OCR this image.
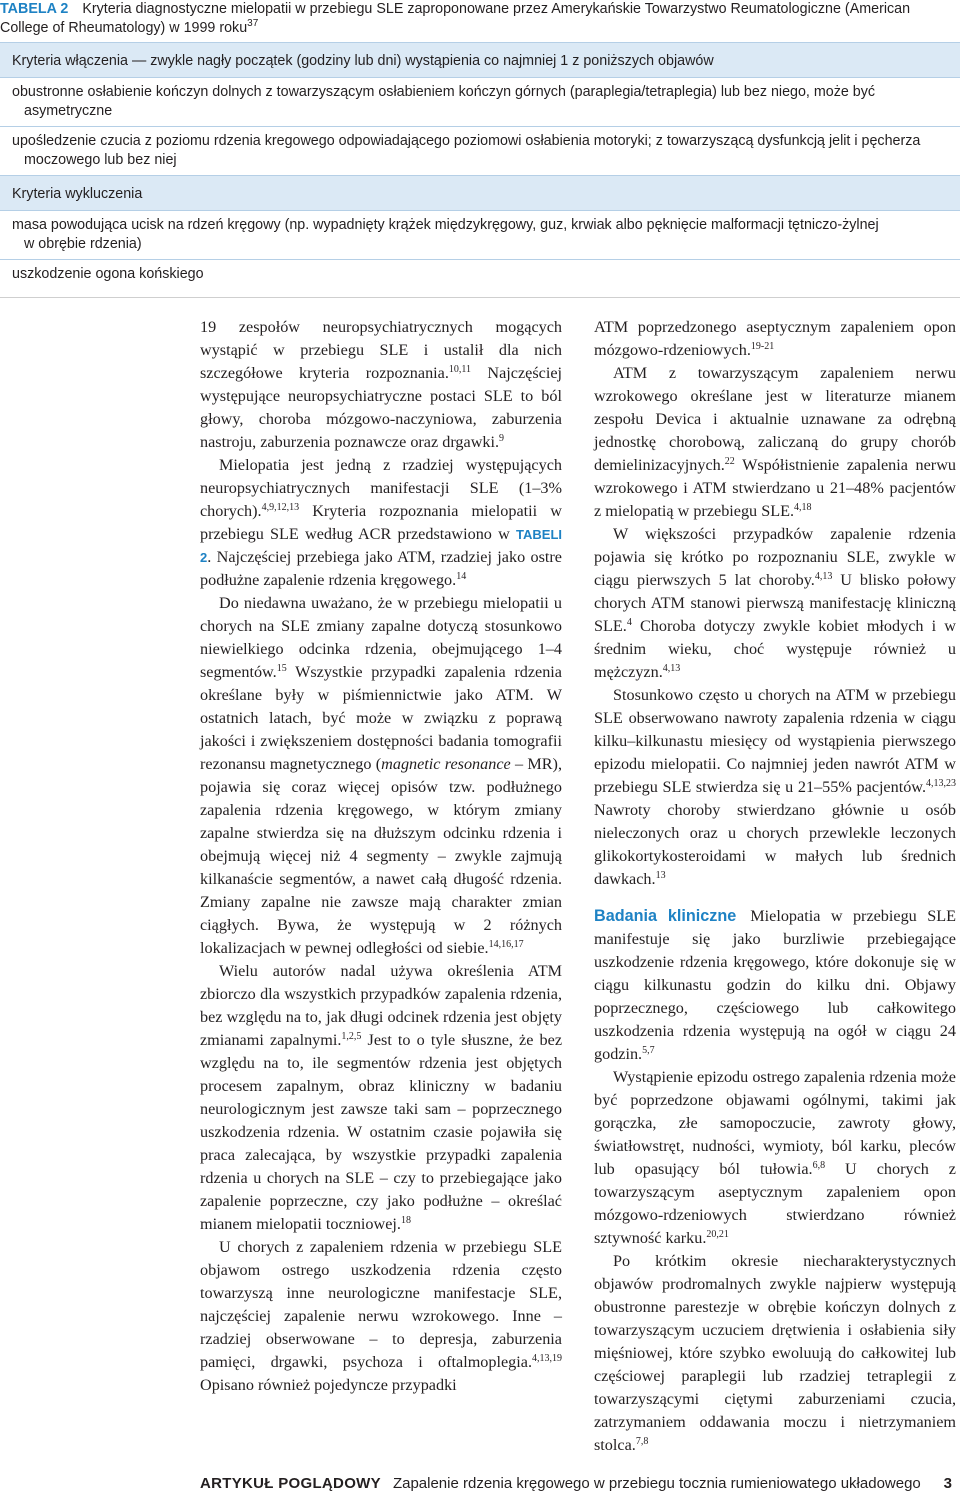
TABELA 2 Kryteria diagnostyczne mielopatii w przebiegu SLE zaproponowane przez Amerykańskie Towarzystwo Reumatologiczne (American College of Rheumatology) w 1999 roku$^{37}$
Kryteria włączenia — zwykle nagły początek (godziny lub dni) wystąpienia co najmniej 1 z poniższych objawów
obustronne osłabienie kończyn dolnych z towarzyszącym osłabieniem kończyn górnych (paraplegia/tetraplegia) lub bez niego, może być
asymetryczne
upośledzenie czucia z poziomu rdzenia kregowego odpowiadającego poziomowi osłabienia motoryki; z towarzyszącą dysfunkcją jelit i pęcherza
moczowego lub bez niej
Kryteria wykluczenia
masa powodująca ucisk na rdzeń kręgowy (np. wypadnięty krążek międzykręgowy, guz, krwiak albo pęknięcie malformacji tętniczo-żylnej
w obrębie rdzenia)
uszkodzenie ogona końskiego

19 zespołów neuropsychiatrycznych mogących wystąpić w przebiegu SLE i ustalił dla nich szczegółowe kryteria rozpoznania.$^{10,11}$ Najczęściej występujące neuropsychiatryczne postaci SLE to ból głowy, choroba mózgowo-naczyniowa, zaburzenia nastroju, zaburzenia poznawcze oraz drgawki.$^9$

Mielopatia jest jedną z rzadziej występujących neuropsychiatrycznych manifestacji SLE (1–3% chorych).$^{4,9,12,13}$ Kryteria rozpoznania mielopatii w przebiegu SLE według ACR przedstawiono w TABELI 2. Najczęściej przebiega jako ATM, rzadziej jako ostre podłużne zapalenie rdzenia kręgowego.$^{14}$

Do niedawna uważano, że w przebiegu mielopatii u chorych na SLE zmiany zapalne dotyczą stosunkowo niewielkiego odcinka rdzenia, obejmującego 1–4 segmentów.$^{15}$ Wszystkie przypadki zapalenia rdzenia określane były w piśmiennictwie jako ATM. W ostatnich latach, być może w związku z poprawą jakości i zwiększeniem dostępności badania tomografii rezonansu magnetycznego (magnetic resonance – MR), pojawia się coraz więcej opisów tzw. podłużnego zapalenia rdzenia kręgowego, w którym zmiany zapalne stwierdza się na dłuższym odcinku rdzenia i obejmują więcej niż 4 segmenty – zwykle zajmują kilkanaście segmentów, a nawet całą długość rdzenia. Zmiany zapalne nie zawsze mają charakter zmian ciągłych. Bywa, że występują w 2 różnych lokalizacjach w pewnej odległości od siebie.$^{14,16,17}$

Wielu autorów nadal używa określenia ATM zbiorczo dla wszystkich przypadków zapalenia rdzenia, bez względu na to, jak długi odcinek rdzenia jest objęty zmianami zapalnymi.$^{1,2,5}$ Jest to o tyle słuszne, że bez względu na to, ile segmentów rdzenia jest objętych procesem zapalnym, obraz kliniczny w badaniu neurologicznym jest zawsze taki sam – poprzecznego uszkodzenia rdzenia. W ostatnim czasie pojawiła się praca zalecająca, by wszystkie przypadki zapalenia rdzenia u chorych na SLE – czy to przebiegające jako zapalenie poprzeczne, czy jako podłużne – określać mianem mielopatii toczniowej.$^{18}$

U chorych z zapaleniem rdzenia w przebiegu SLE objawom ostrego uszkodzenia rdzenia często towarzyszą inne neurologiczne manifestacje SLE, najczęściej zapalenie nerwu wzrokowego. Inne – rzadziej obserwowane – to depresja, zaburzenia pamięci, drgawki, psychoza i oftalmoplegia.$^{4,13,19}$ Opisano również pojedyncze przypadki

ATM poprzedzonego aseptycznym zapaleniem opon mózgowo-rdzeniowych.$^{19-21}$

ATM z towarzyszącym zapaleniem nerwu wzrokowego określane jest w literaturze mianem zespołu Devica i aktualnie uznawane za odrębną jednostkę chorobową, zaliczaną do grupy chorób demielinizacyjnych.$^{22}$ Współistnienie zapalenia nerwu wzrokowego i ATM stwierdzano u 21–48% pacjentów z mielopatią w przebiegu SLE.$^{4,18}$

W większości przypadków zapalenie rdzenia pojawia się krótko po rozpoznaniu SLE, zwykle w ciągu pierwszych 5 lat choroby.$^{4,13}$ U blisko połowy chorych ATM stanowi pierwszą manifestację kliniczną SLE.$^4$ Choroba dotyczy zwykle kobiet młodych i w średnim wieku, choć występuje również u mężczyzn.$^{4,13}$

Stosunkowo często u chorych na ATM w przebiegu SLE obserwowano nawroty zapalenia rdzenia w ciągu kilku–kilkunastu miesięcy od wystąpienia pierwszego epizodu mielopatii. Co najmniej jeden nawrót ATM w przebiegu SLE stwierdza się u 21–55% pacjentów.$^{4,13,23}$ Nawroty choroby stwierdzano głównie u osób nieleczonych oraz u chorych przewlekle leczonych glikokortykosteroidami w małych lub średnich dawkach.$^{13}$

Badania kliniczne Mielopatia w przebiegu SLE manifestuje się jako burzliwie przebiegające uszkodzenie rdzenia kręgowego, które dokonuje się w ciągu kilkunastu godzin do kilku dni. Objawy poprzecznego, częściowego lub całkowitego uszkodzenia rdzenia występują na ogół w ciągu 24 godzin.$^{5,7}$

Wystąpienie epizodu ostrego zapalenia rdzenia może być poprzedzone objawami ogólnymi, takimi jak gorączka, złe samopoczucie, zawroty głowy, światłowstręt, nudności, wymioty, ból karku, pleców lub opasujący ból tułowia.$^{6,8}$ U chorych z towarzyszącym aseptycznym zapaleniem opon mózgowo-rdzeniowych stwierdzano również sztywność karku.$^{20,21}$

Po krótkim okresie niecharakterystycznych objawów prodromalnych zwykle najpierw występują obustronne parestezje w obrębie kończyn dolnych z towarzyszącym uczuciem drętwienia i osłabienia siły mięśniowej, które szybko ewoluują do całkowitej lub częściowej paraplegii lub rzadziej tetraplegii z towarzyszącymi ciętymi zaburzeniami czucia, zatrzymaniem oddawania moczu i nietrzymaniem stolca.$^{7,8}$

ARTYKUŁ POGLĄDOWY Zapalenie rdzenia kręgowego w przebiegu tocznia rumieniowatego układowego 3
